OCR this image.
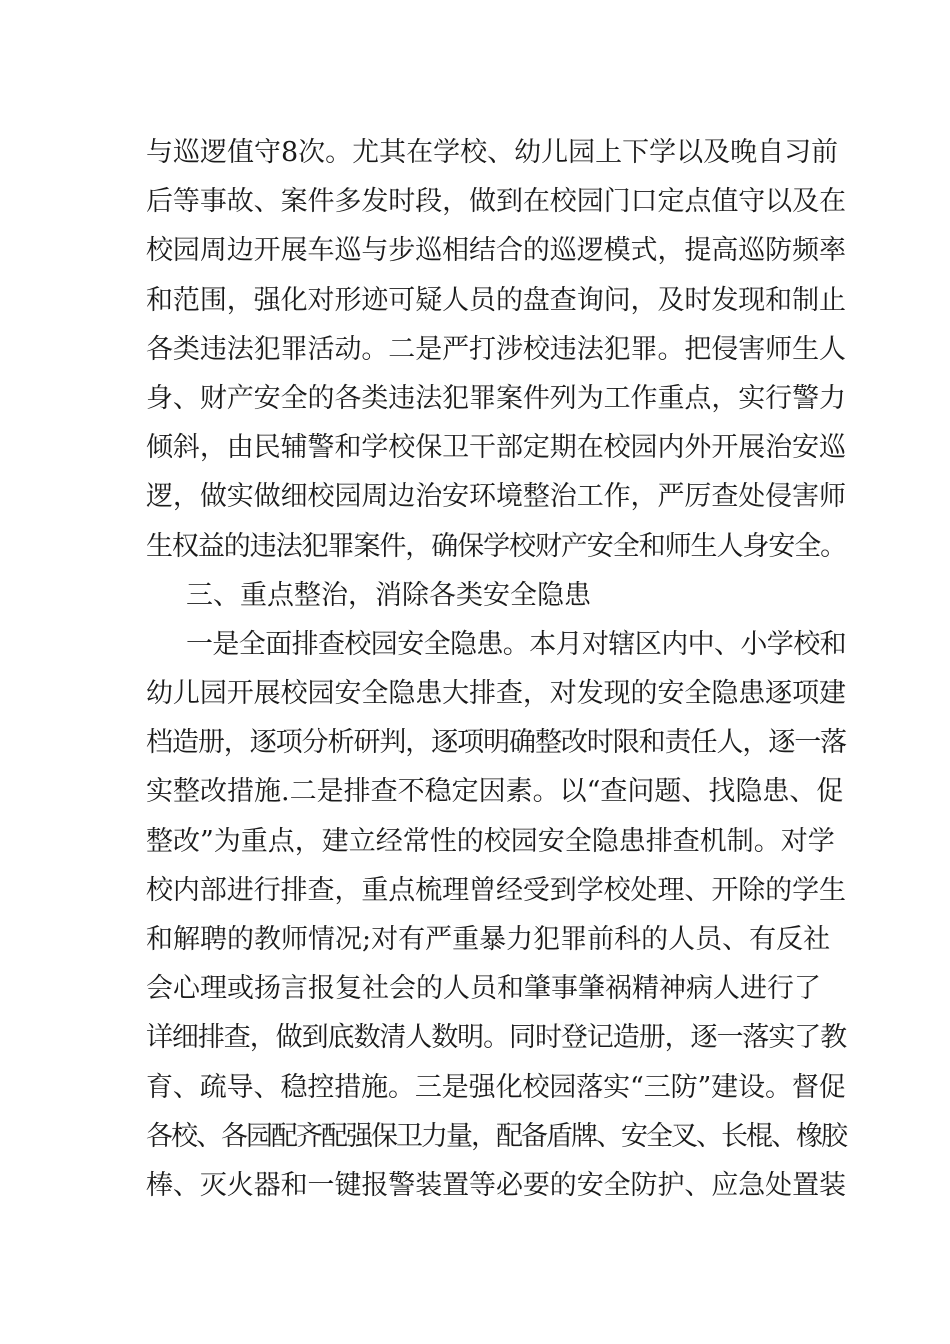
与巡逻值守8次。尤其在学校、幼儿园上下学以及晚自习前
后等事故、案件多发时段，做到在校园门口定点值守以及在
校园周边开展车巡与步巡相结合的巡逻模式，提高巡防频率
和范围，强化对形迹可疑人员的盘查询问，及时发现和制止
各类违法犯罪活动。二是严打涉校违法犯罪。把侵害师生人
身、财产安全的各类违法犯罪案件列为工作重点，实行警力
倾斜，由民辅警和学校保卫干部定期在校园内外开展治安巡
逻，做实做细校园周边治安环境整治工作，严厉查处侵害师
生权益的违法犯罪案件，确保学校财产安全和师生人身安全。
三、重点整治，消除各类安全隐患
一是全面排查校园安全隐患。本月对辖区内中、小学校和
幼儿园开展校园安全隐患大排查，对发现的安全隐患逐项建
档造册，逐项分析研判，逐项明确整改时限和责任人，逐一落
实整改措施.二是排查不稳定因素。以“查问题、找隐患、促
整改”为重点，建立经常性的校园安全隐患排查机制。对学
校内部进行排查，重点梳理曾经受到学校处理、开除的学生
和解聘的教师情况;对有严重暴力犯罪前科的人员、有反社
会心理或扬言报复社会的人员和肇事肇祸精神病人进行了
详细排查，做到底数清人数明。同时登记造册，逐一落实了教
育、疏导、稳控措施。三是强化校园落实“三防”建设。督促
各校、各园配齐配强保卫力量，配备盾牌、安全叉、长棍、橡胶
棒、灭火器和一键报警装置等必要的安全防护、应急处置装
